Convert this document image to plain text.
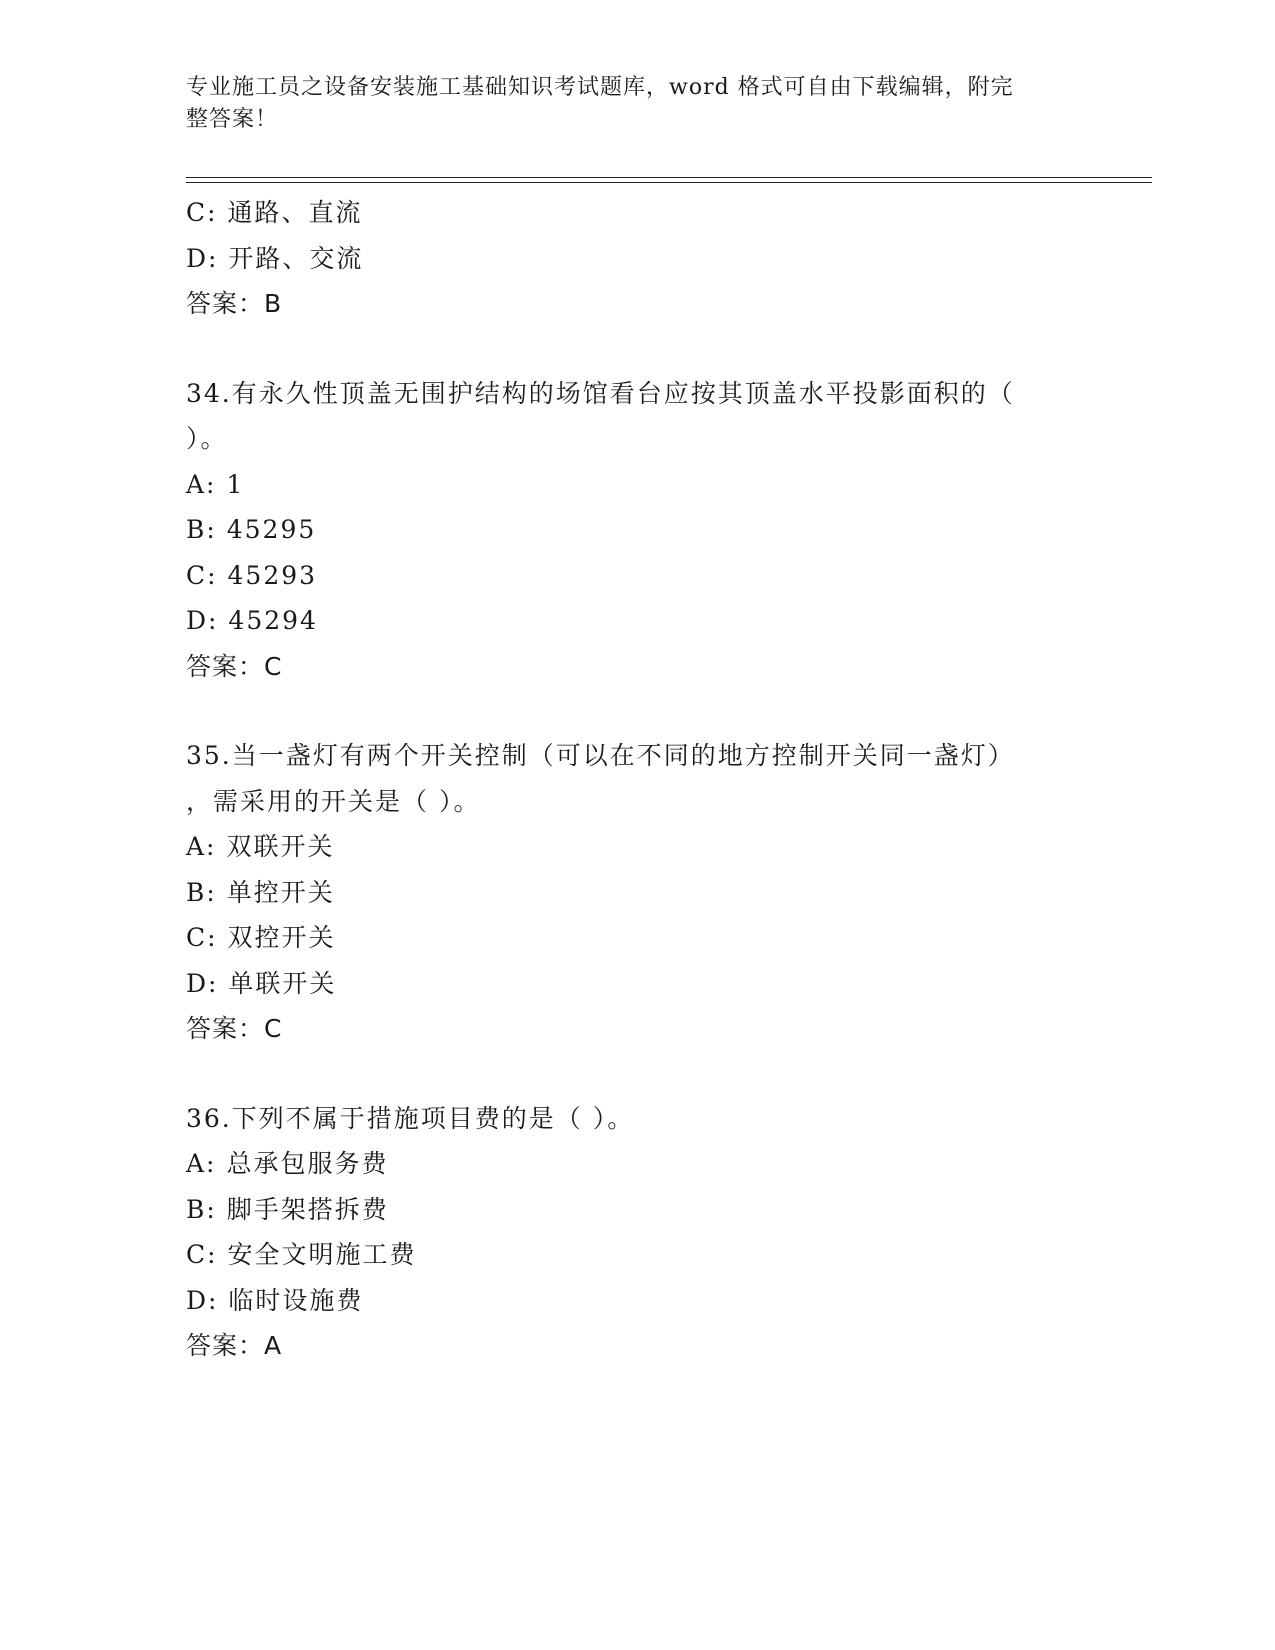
专业施工员之设备安装施工基础知识考试题库，word 格式可自由下载编辑，附完
整答案！
C: 通路、直流
D: 开路、交流
答案：B
34.有永久性顶盖无围护结构的场馆看台应按其顶盖水平投影面积的（
）。
A: 1
B: 45295
C: 45293
D: 45294
答案：C
35.当一盏灯有两个开关控制（可以在不同的地方控制开关同一盏灯）
，需采用的开关是（ ）。
A: 双联开关
B: 单控开关
C: 双控开关
D: 单联开关
答案：C
36.下列不属于措施项目费的是（ ）。
A: 总承包服务费
B: 脚手架搭拆费
C: 安全文明施工费
D: 临时设施费
答案：A
